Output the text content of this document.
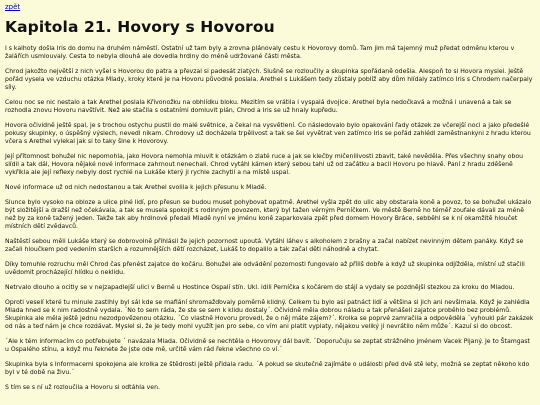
zpět
Kapitola 21. Hovory s Hovorou

I s kalhoty došla Iris do domu na druhém náměstí. Ostatní už tam byly a zrovna plánovaly cestu k Hovorovy domů. Tam jim má tajemný muž předat odměnu kterou v žalářích usmlouvaly. Cesta to nebyla dlouhá ale dovedla hrdiny do méně udržované části města.

Chrod jakožto největší z nich vyšel s Hovorou do patra a převzal si padesát zlatých. Slušně se rozloučily a skupinka spořádaně odešla. Alespoň to si Hovora myslel. Ještě pořád vysela ve vzduchu otázka Mlady, kroky které je na Hovoru původně poslala. Arethel s Lukášem tedy zůstaly poblíž aby dům hlídaly zatímco Iris s Chrodem načerpaly síly.

Celou noc se nic nestalo a tak Arethel poslala Křivonožku na obhlídku bloku. Mezitím se vrátila i vyspalá dvojice. Arethel byla nedočkavá a možná i unavená a tak se rozhodla znovu Hovoru navštívit. Než ale stačila s ostatními domluvit plán, Chrod a Iris se už hnaly kupředu.

Hovora očividně ještě spal, je s trochou ostychu pustil do malé světnice, a čekal na vysvětlení. Co následovalo bylo opakování řady otázek ze včerejší noci a jako předešlé pokusy skupinky, o úspěšný výslech, nevedl nikam. Chrodovy už docházela trpělivost a tak se šel vyvětrat ven zatímco Iris se pořád zahlédl zaměstnankyni z hradu kterou včera s Arethel vylekal jak si to taky šine k Hovorovy.

Její přítomnost bohužel nic nepomohla, jako Hovora nemohla mluvit k otázkám o zlaté ruce a jak se klečby mičenilivosti zbavit, také nevěděla. Přes všechny snahy obou slídil a tak dál, Hovora nějaké nové informace zahrnout nenechali. Chrod vytáhl kámen který sebou tahl už od začátku a bacil Hovoru po hlavě. Paní z hradu zděšeně vykřikla ale její reflexy nebyly dost rychlé na Lukáše který ji rychle zachytil a na místě uspal.

Nové informace už od nich nedostanou a tak Arethel svolila k jejich přesunu k Mladě.

Slunce bylo vysoko na obloze a ulice plné lidí, pro přesun se budou muset pohybovat opatrně. Arethel vyšla zpět do ulic aby obstarala koně a povoz, to se bohužel ukázalo být složitější a dražší než očekávala, a tak se musela spokojit s rodinným povozem, který byl tažen vérným Perníčkem. Ve městě Berně ho téměř zoufale dávali za méně než by za koně tažený jeden. Takže tak aby hrdinové předali Mladě nyní ve jménu koně zaparkovala zpět před domem Hovory Bráce, sebběhl se k ní okamžitě hloučet místních dětí zvědavců.

Naštěstí sebou měli Lukáše který se dobrovolně přihlásil že jejich pozornost upoutá. Vytáhl láhev s alkoholem z brašny a začal nabízet nevinným dětem panáky. Když se začali hloučkem pod vedením starších a rozumnějších dětí rozcházet, Lukáš to dopalilo a tak začal děti náhodně a chytat.

Díky tomuhle rozruchu měl Chrod čas přenést zajatce do kočáru. Bohužel ale odvádění pozornosti fungovalo až příliš dobře a když už skupinka odjížděla, místní už stačili uvědomit procházející hlídku o neklidu.

Netrvalo dlouho a ocitly se v nejzapadlejší ulici v Berně u Hostince Ospalí stín. Ukl. idili Perníčka s kočárem do stájí a vydaly se pozdnější stezkou za kroku do Mladou.

Oproti veselí které tu minule zastihly byl sál kde se mafiání shromažďovaly poměrně klidný. Celkem tu bylo asi patnáct lidí a většina si jich ani nevšimala. Když je zahlédla Mlada hned se k nim radostně vydala. ´No to sem ráda, že ste se sem k klidu dostaly´. Očividně měla dobrou náladu a tak přenášeli zajatce proběhlo bez problémů. Skupinka ale měla ještě jednu nezodpovězenou otázku. ´Co vlastně Hovoru provedl, že o něj máte zájem?´. Krolka se poprvé zamračila a odpověděla ´vyhoukl pár zakázek od nás a teď nám je chce rozdávat. Myslel si, že je tedy mohl využít jen pro sebe, co vím ani platit vyplaty, nějakou veliký ji nevrátilo něm může´. Kazuí si do obcost.

´Ale k tém informacím co potřebujete ´ navázala Mlada. Očividně se nechtěla o Hovorovy dál bavit. ´Doporučuju se zeptat strážného jménem Vacek Pijaný. Je to Štamgast u Ospalého stínu, a když mu řeknete že jste ode mě, určitě vám rád řekne všechno co ví.´

Skupinka byla s Informacemi spokojena ale krolka ze štědrosti ještě přidala radu. ´A pokud se skutečně zajímáte o události před dvě stě lety, možná se zeptat někoho kdo byl v té době na živu.´

S tím se s ní už rozloučila a Hovoru si odtáhla ven.
